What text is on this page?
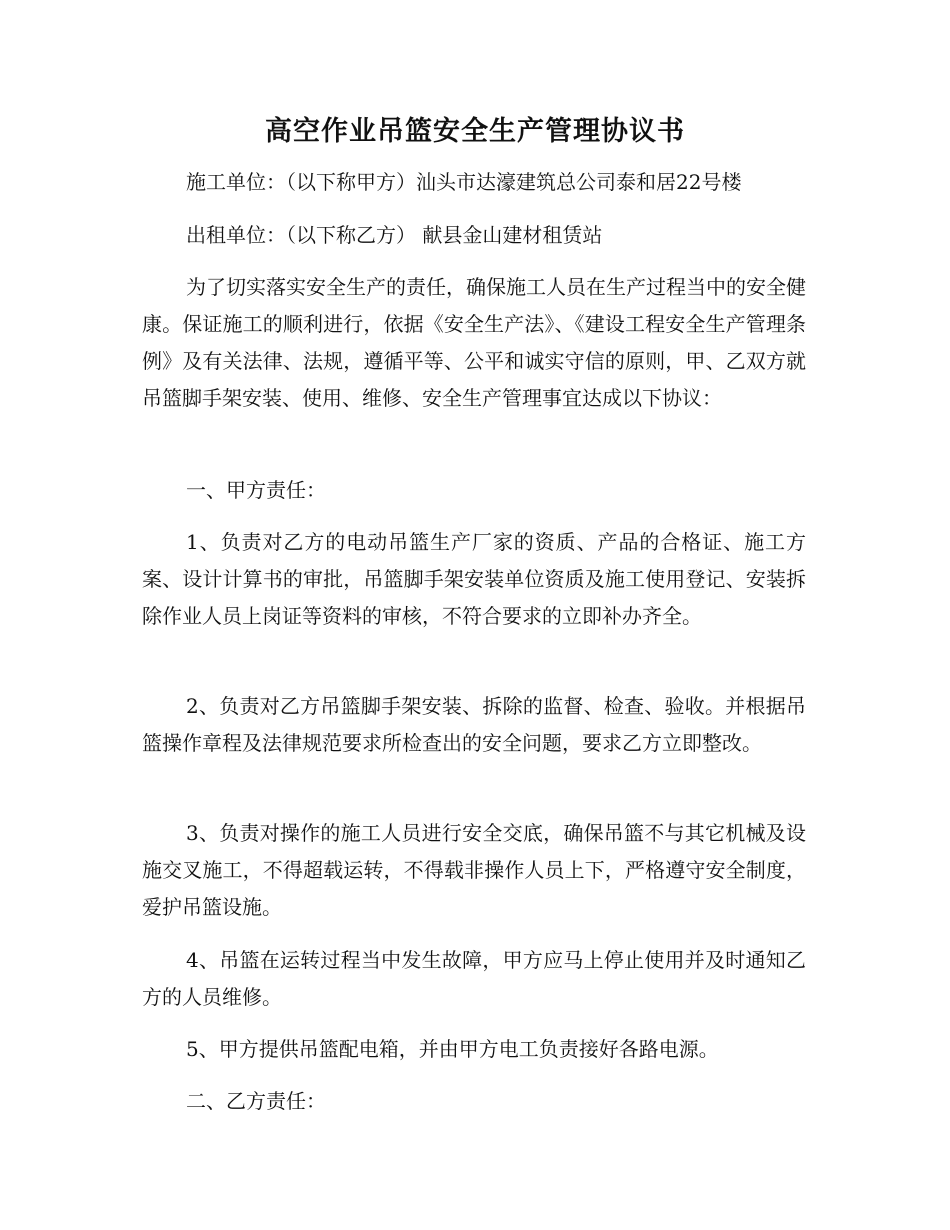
高空作业吊篮安全生产管理协议书

施工单位：（以下称甲方）汕头市达濠建筑总公司泰和居22号楼

出租单位：（以下称乙方） 献县金山建材租赁站

为了切实落实安全生产的责任，确保施工人员在生产过程当中的安全健康。保证施工的顺利进行，依据《安全生产法》、《建设工程安全生产管理条例》及有关法律、法规，遵循平等、公平和诚实守信的原则，甲、乙双方就吊篮脚手架安装、使用、维修、安全生产管理事宜达成以下协议：

一、甲方责任：

1、负责对乙方的电动吊篮生产厂家的资质、产品的合格证、施工方案、设计计算书的审批，吊篮脚手架安装单位资质及施工使用登记、安装拆除作业人员上岗证等资料的审核，不符合要求的立即补办齐全。

2、负责对乙方吊篮脚手架安装、拆除的监督、检查、验收。并根据吊篮操作章程及法律规范要求所检查出的安全问题，要求乙方立即整改。

3、负责对操作的施工人员进行安全交底，确保吊篮不与其它机械及设施交叉施工，不得超载运转，不得载非操作人员上下，严格遵守安全制度，爱护吊篮设施。

4、吊篮在运转过程当中发生故障，甲方应马上停止使用并及时通知乙方的人员维修。

5、甲方提供吊篮配电箱，并由甲方电工负责接好各路电源。

二、乙方责任：
